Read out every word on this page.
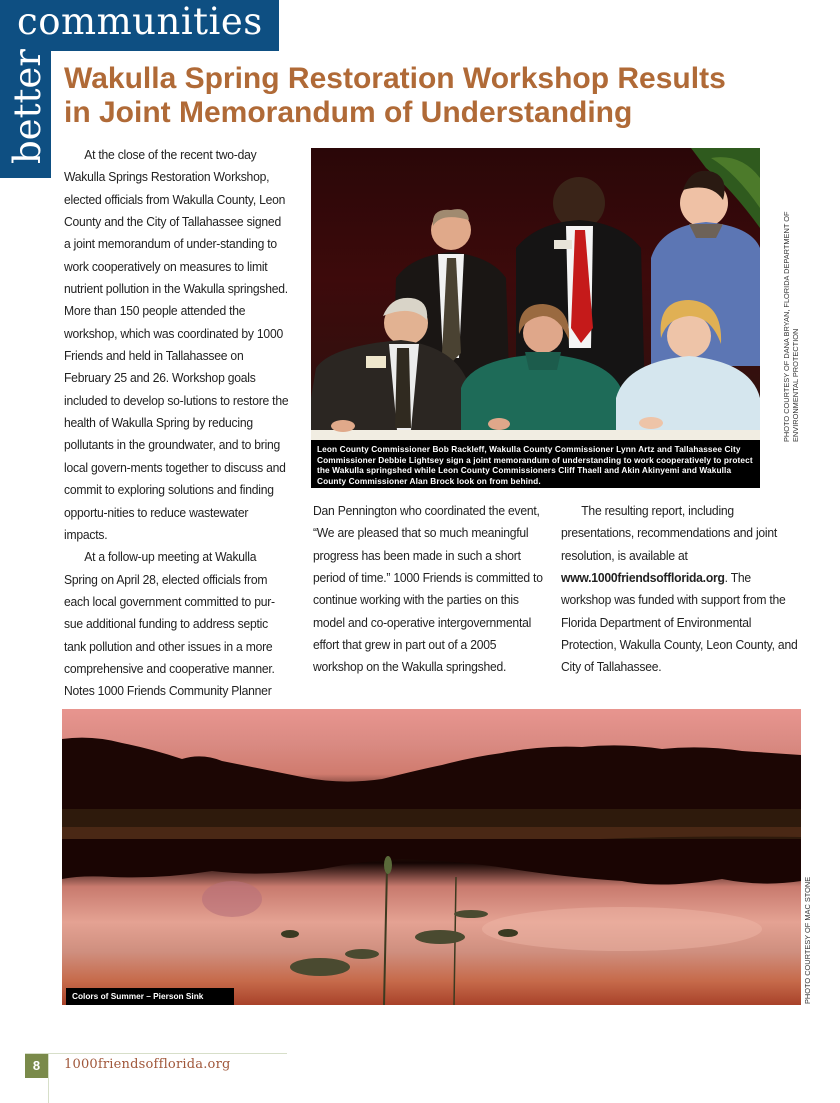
communities
better Wakulla Spring Restoration Workshop Results
in Joint Memorandum of Understanding

At the close of the recent two-day Wakulla Springs Restoration Workshop, elected officials from Wakulla County, Leon County and the City of Tallahassee signed a joint memorandum of under-standing to work cooperatively on measures to limit nutrient pollution in the Wakulla springshed. More than 150 people attended the workshop, which was coordinated by 1000 Friends and held in Tallahassee on February 25 and 26. Workshop goals included to develop so-lutions to restore the health of Wakulla Spring by reducing pollutants in the groundwater, and to bring local govern-ments together to discuss and commit to exploring solutions and finding opportu-nities to reduce wastewater impacts.

At a follow-up meeting at Wakulla Spring on April 28, elected officials from each local government committed to pur-sue additional funding to address septic tank pollution and other issues in a more comprehensive and cooperative manner. Notes 1000 Friends Community Planner

Leon County Commissioner Bob Rackleff, Wakulla County Commissioner Lynn Artz and Tallahassee City Commissioner Debbie Lightsey sign a joint memorandum of understanding to work cooperatively to protect the Wakulla springshed while Leon County Commissioners Cliff Thaell and Akin Akinyemi and Wakulla County Commissioner Alan Brock look on from behind.
PHOTO COURTESY OF DANA BRYAN, FLORIDA DEPARTMENT OF ENVIRONMENTAL PROTECTION

Dan Pennington who coordinated the event, “We are pleased that so much meaningful progress has been made in such a short period of time.” 1000 Friends is committed to continue working with the parties on this model and co-operative intergovernmental effort that grew in part out of a 2005 workshop on the Wakulla springshed.

The resulting report, including presentations, recommendations and joint resolution, is available at www.1000friendsofflorida.org. The workshop was funded with support from the Florida Department of Environmental Protection, Wakulla County, Leon County, and City of Tallahassee.

Colors of Summer – Pierson Sink	PHOTO COURTESY OF MAC STONE
8	1000friendsofflorida.org
